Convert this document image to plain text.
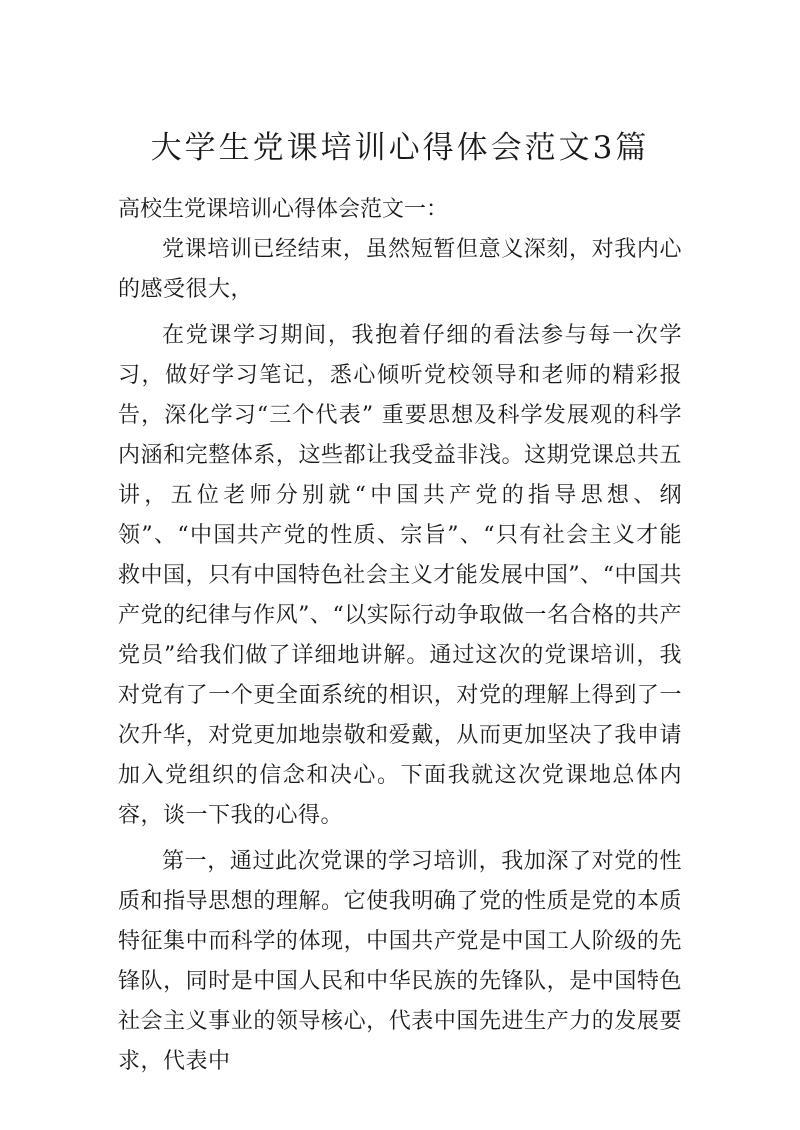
大学生党课培训心得体会范文3篇

高校生党课培训心得体会范文一：

党课培训已经结束，虽然短暂但意义深刻，对我内心的感受很大，

在党课学习期间，我抱着仔细的看法参与每一次学习，做好学习笔记，悉心倾听党校领导和老师的精彩报告，深化学习“三个代表” 重要思想及科学发展观的科学内涵和完整体系，这些都让我受益非浅。这期党课总共五讲，五位老师分别就“中国共产党的指导思想、纲领”、“中国共产党的性质、宗旨”、“只有社会主义才能救中国，只有中国特色社会主义才能发展中国”、“中国共产党的纪律与作风”、“以实际行动争取做一名合格的共产党员”给我们做了详细地讲解。通过这次的党课培训，我对党有了一个更全面系统的相识，对党的理解上得到了一次升华，对党更加地崇敬和爱戴，从而更加坚决了我申请加入党组织的信念和决心。下面我就这次党课地总体内容，谈一下我的心得。

第一，通过此次党课的学习培训，我加深了对党的性质和指导思想的理解。它使我明确了党的性质是党的本质特征集中而科学的体现，中国共产党是中国工人阶级的先锋队，同时是中国人民和中华民族的先锋队，是中国特色社会主义事业的领导核心，代表中国先进生产力的发展要求，代表中
